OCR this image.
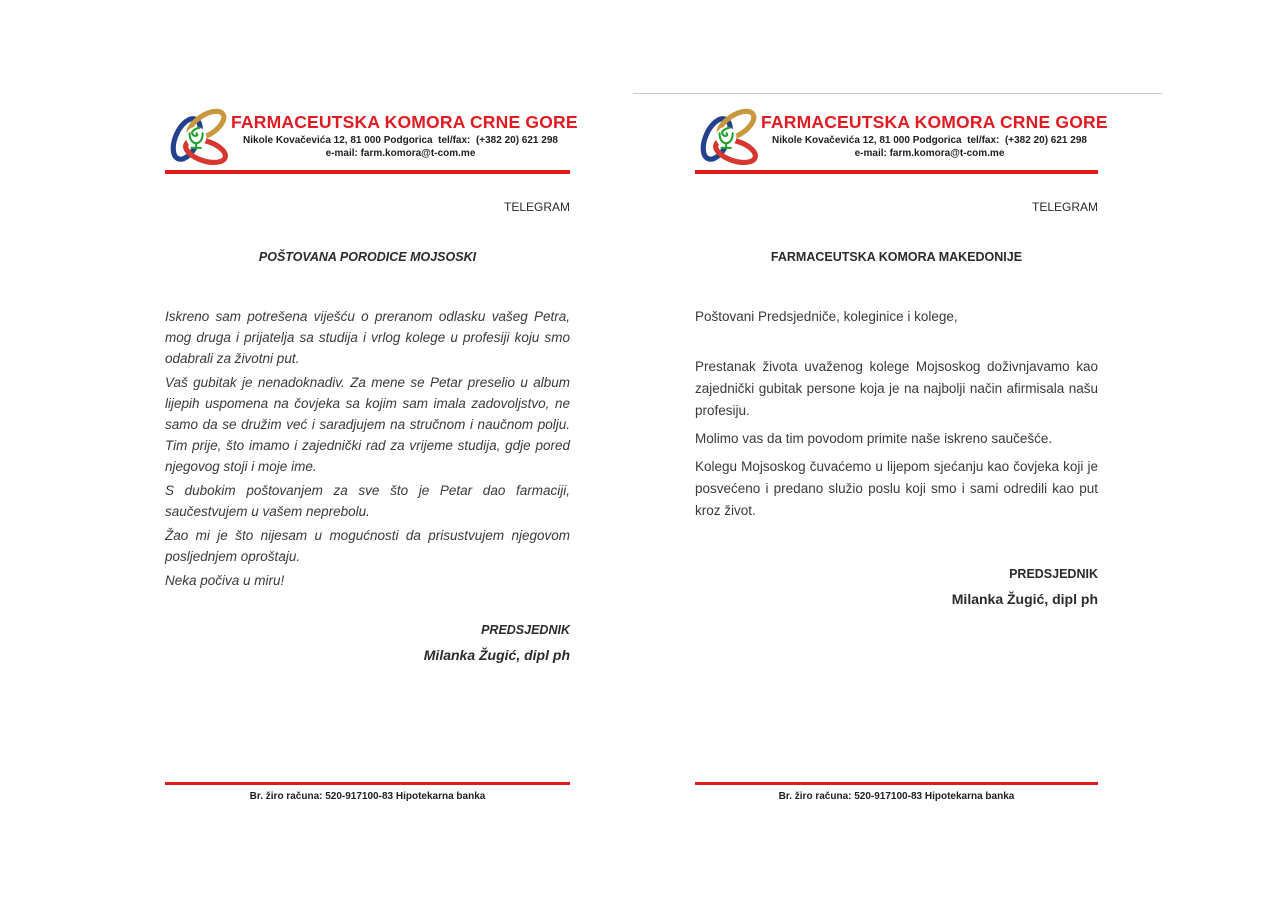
FARMACEUTSKA KOMORA CRNE GORE
Nikole Kovačevića 12, 81 000 Podgorica  tel/fax:  (+382 20) 621 298
e-mail: farm.komora@t-com.me
TELEGRAM
POŠTOVANA PORODICE MOJSOSKI

Iskreno sam potrešena viješću o preranom odlasku vašeg Petra, mog druga i prijatelja sa studija i vrlog kolege u profesiji koju smo odabrali za životni put.

Vaš gubitak je nenadoknadiv. Za mene se Petar preselio u album lijepih uspomena na čovjeka sa kojim sam imala zadovoljstvo, ne samo da se družim već i saradjujem na stručnom i naučnom polju. Tim prije, što imamo i zajednički rad za vrijeme studija, gdje pored njegovog stoji i moje ime.

S dubokim poštovanjem za sve što je Petar dao farmaciji, saučestvujem u vašem neprebolu.

Žao mi je što nijesam u mogućnosti da prisustvujem njegovom posljednjem oproštaju.

Neka počiva u miru!

PREDSJEDNIK
Milanka Žugić, dipl ph
Br. žiro računa: 520-917100-83 Hipotekarna banka
FARMACEUTSKA KOMORA CRNE GORE
Nikole Kovačevića 12, 81 000 Podgorica  tel/fax:  (+382 20) 621 298
e-mail: farm.komora@t-com.me
TELEGRAM
FARMACEUTSKA KOMORA MAKEDONIJE

Poštovani Predsjedniče, koleginice i kolege,

Prestanak života uvaženog kolege Mojsoskog doživnjavamo kao zajednički gubitak persone koja je na najbolji način afirmisala našu profesiju.

Molimo vas da tim povodom primite naše iskreno saučešće.

Kolegu Mojsoskog čuvaćemo u lijepom sjećanju kao čovjeka koji je posvećeno i predano služio poslu koji smo i sami odredili kao put kroz život.

PREDSJEDNIK
Milanka Žugić, dipl ph
Br. žiro računa: 520-917100-83 Hipotekarna banka
